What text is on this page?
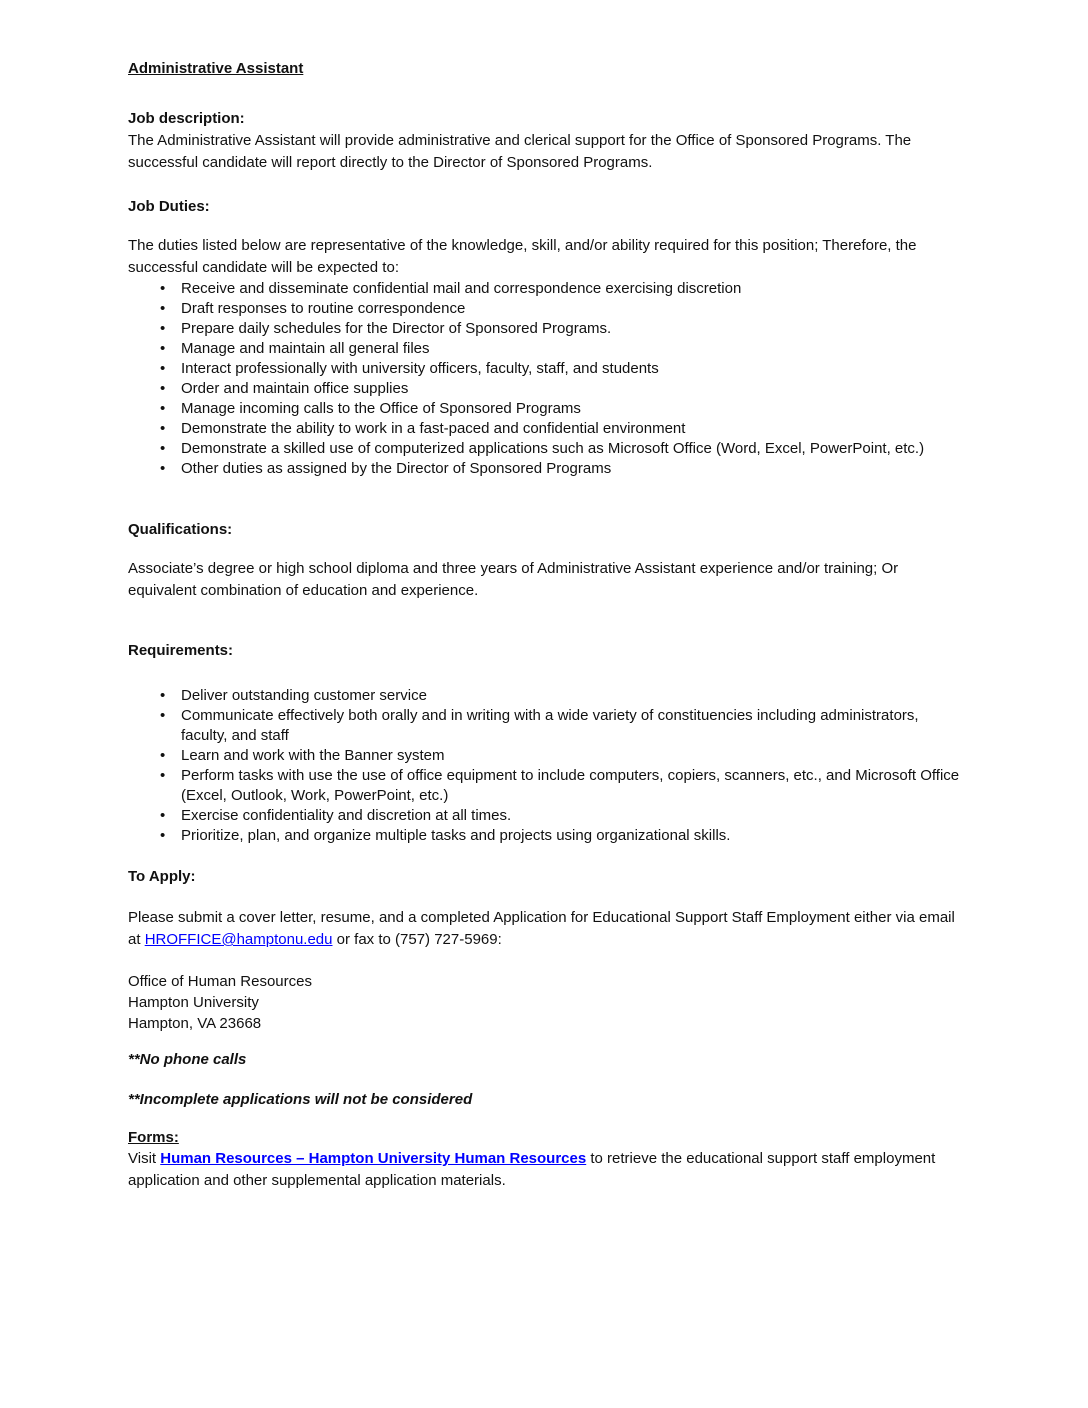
Administrative Assistant

Job description:

The Administrative Assistant will provide administrative and clerical support for the Office of Sponsored Programs. The successful candidate will report directly to the Director of Sponsored Programs.

Job Duties:

The duties listed below are representative of the knowledge, skill, and/or ability required for this position; Therefore, the successful candidate will be expected to:

• Receive and disseminate confidential mail and correspondence exercising discretion
• Draft responses to routine correspondence
• Prepare daily schedules for the Director of Sponsored Programs.
• Manage and maintain all general files
• Interact professionally with university officers, faculty, staff, and students
• Order and maintain office supplies
• Manage incoming calls to the Office of Sponsored Programs
• Demonstrate the ability to work in a fast-paced and confidential environment
• Demonstrate a skilled use of computerized applications such as Microsoft Office (Word, Excel, PowerPoint, etc.)
• Other duties as assigned by the Director of Sponsored Programs

Qualifications:

Associate’s degree or high school diploma and three years of Administrative Assistant experience and/or training; Or equivalent combination of education and experience.

Requirements:

• Deliver outstanding customer service
• Communicate effectively both orally and in writing with a wide variety of constituencies including administrators, faculty, and staff
• Learn and work with the Banner system
• Perform tasks with use the use of office equipment to include computers, copiers, scanners, etc., and Microsoft Office (Excel, Outlook, Work, PowerPoint, etc.)
• Exercise confidentiality and discretion at all times.
• Prioritize, plan, and organize multiple tasks and projects using organizational skills.

To Apply:

Please submit a cover letter, resume, and a completed Application for Educational Support Staff Employment either via email at HROFFICE@hamptonu.edu or fax to (757) 727-5969:

Office of Human Resources
Hampton University
Hampton, VA 23668

**No phone calls

**Incomplete applications will not be considered

Forms:

Visit Human Resources – Hampton University Human Resources to retrieve the educational support staff employment application and other supplemental application materials.
